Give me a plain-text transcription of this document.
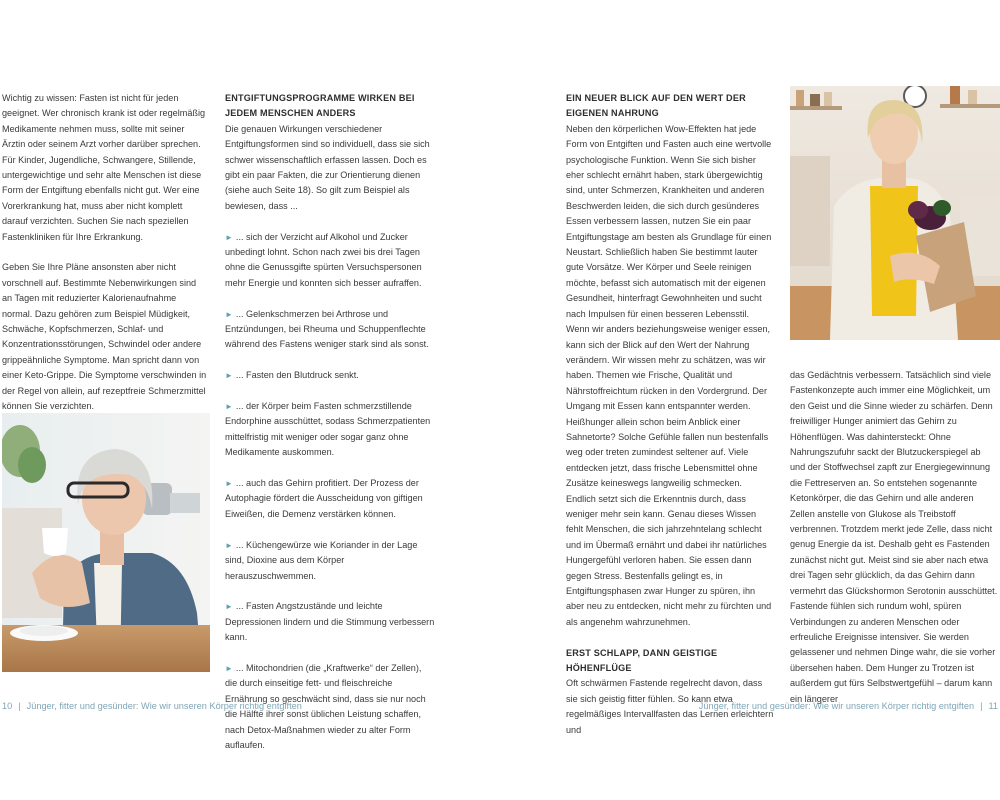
Wichtig zu wissen: Fasten ist nicht für jeden geeignet. Wer chronisch krank ist oder regelmäßig Medikamente nehmen muss, sollte mit seiner Ärztin oder seinem Arzt vorher darüber sprechen. Für Kinder, Jugendliche, Schwangere, Stillende, untergewichtige und sehr alte Menschen ist diese Form der Entgiftung ebenfalls nicht gut. Wer eine Vorerkrankung hat, muss aber nicht komplett darauf verzichten. Suchen Sie nach speziellen Fastenkliniken für Ihre Erkrankung.

Geben Sie Ihre Pläne ansonsten aber nicht vorschnell auf. Bestimmte Nebenwirkungen sind an Tagen mit reduzierter Kalorienaufnahme normal. Dazu gehören zum Beispiel Müdigkeit, Schwäche, Kopfschmerzen, Schlaf- und Konzentrationsstörungen, Schwindel oder andere grippeähnliche Symptome. Man spricht dann von einer Keto-Grippe. Die Symptome verschwinden in der Regel von allein, auf rezeptfreie Schmerzmittel können Sie verzichten.

ENTGIFTUNGSPROGRAMME WIRKEN BEI JEDEM MENSCHEN ANDERS

Die genauen Wirkungen verschiedener Entgiftungsformen sind so individuell, dass sie sich schwer wissenschaftlich erfassen lassen. Doch es gibt ein paar Fakten, die zur Orientierung dienen (siehe auch Seite 18). So gilt zum Beispiel als bewiesen, dass ...

► ... sich der Verzicht auf Alkohol und Zucker unbedingt lohnt. Schon nach zwei bis drei Tagen ohne die Genussgifte spürten Versuchspersonen mehr Energie und konnten sich besser aufraffen.

► ... Gelenkschmerzen bei Arthrose und Entzündungen, bei Rheuma und Schuppenflechte während des Fastens weniger stark sind als sonst.

► ... Fasten den Blutdruck senkt.

► ... der Körper beim Fasten schmerzstillende Endorphine ausschüttet, sodass Schmerzpatienten mittelfristig mit weniger oder sogar ganz ohne Medikamente auskommen.

► ... auch das Gehirn profitiert. Der Prozess der Autophagie fördert die Ausscheidung von giftigen Eiweißen, die Demenz verstärken können.

► ... Küchengewürze wie Koriander in der Lage sind, Dioxine aus dem Körper herauszuschwemmen.

► ... Fasten Angstzustände und leichte Depressionen lindern und die Stimmung verbessern kann.

► ... Mitochondrien (die „Kraftwerke“ der Zellen), die durch einseitige fett- und fleischreiche Ernährung so geschwächt sind, dass sie nur noch die Hälfte ihrer sonst üblichen Leistung schaffen, nach Detox-Maßnahmen wieder zu alter Form auflaufen.

EIN NEUER BLICK AUF DEN WERT DER EIGENEN NAHRUNG

Neben den körperlichen Wow-Effekten hat jede Form von Entgiften und Fasten auch eine wertvolle psychologische Funktion. Wenn Sie sich bisher eher schlecht ernährt haben, stark übergewichtig sind, unter Schmerzen, Krankheiten und anderen Beschwerden leiden, die sich durch gesünderes Essen verbessern lassen, nutzen Sie ein paar Entgiftungstage am besten als Grundlage für einen Neustart. Schließlich haben Sie bestimmt lauter gute Vorsätze. Wer Körper und Seele reinigen möchte, befasst sich automatisch mit der eigenen Gesundheit, hinterfragt Gewohnheiten und sucht nach Impulsen für einen besseren Lebensstil. Wenn wir anders beziehungsweise weniger essen, kann sich der Blick auf den Wert der Nahrung verändern. Wir wissen mehr zu schätzen, was wir haben. Themen wie Frische, Qualität und Nährstoffreichtum rücken in den Vordergrund. Der Umgang mit Essen kann entspannter werden. Heißhunger allein schon beim Anblick einer Sahnetorte? Solche Gefühle fallen nun bestenfalls weg oder treten zumindest seltener auf. Viele entdecken jetzt, dass frische Lebensmittel ohne Zusätze keineswegs langweilig schmecken. Endlich setzt sich die Erkenntnis durch, dass weniger mehr sein kann. Genau dieses Wissen fehlt Menschen, die sich jahrzehntelang schlecht und im Übermaß ernährt und dabei ihr natürliches Hungergefühl verloren haben. Sie essen dann gegen Stress. Bestenfalls gelingt es, in Entgiftungsphasen zwar Hunger zu spüren, ihn aber neu zu entdecken, nicht mehr zu fürchten und als angenehm wahrzunehmen.

ERST SCHLAPP, DANN GEISTIGE HÖHENFLÜGE

Oft schwärmen Fastende regelrecht davon, dass sie sich geistig fitter fühlen. So kann etwa regelmäßiges Intervallfasten das Lernen erleichtern und

das Gedächtnis verbessern. Tatsächlich sind viele Fastenkonzepte auch immer eine Möglichkeit, um den Geist und die Sinne wieder zu schärfen. Denn freiwilliger Hunger animiert das Gehirn zu Höhenflügen. Was dahintersteckt: Ohne Nahrungszufuhr sackt der Blutzuckerspiegel ab und der Stoffwechsel zapft zur Energiegewinnung die Fettreserven an. So entstehen sogenannte Ketonkörper, die das Gehirn und alle anderen Zellen anstelle von Glukose als Treibstoff verbrennen. Trotzdem merkt jede Zelle, dass nicht genug Energie da ist. Deshalb geht es Fastenden zunächst nicht gut. Meist sind sie aber nach etwa drei Tagen sehr glücklich, da das Gehirn dann vermehrt das Glückshormon Serotonin ausschüttet. Fastende fühlen sich rundum wohl, spüren Verbindungen zu anderen Menschen oder erfreuliche Ereignisse intensiver. Sie werden gelassener und nehmen Dinge wahr, die sie vorher übersehen haben. Dem Hunger zu Trotzen ist außerdem gut fürs Selbstwertgefühl – darum kann ein längerer

10 | Jünger, fitter und gesünder: Wie wir unseren Körper richtig entgiften	Jünger, fitter und gesünder: Wie wir unseren Körper richtig entgiften | 11
